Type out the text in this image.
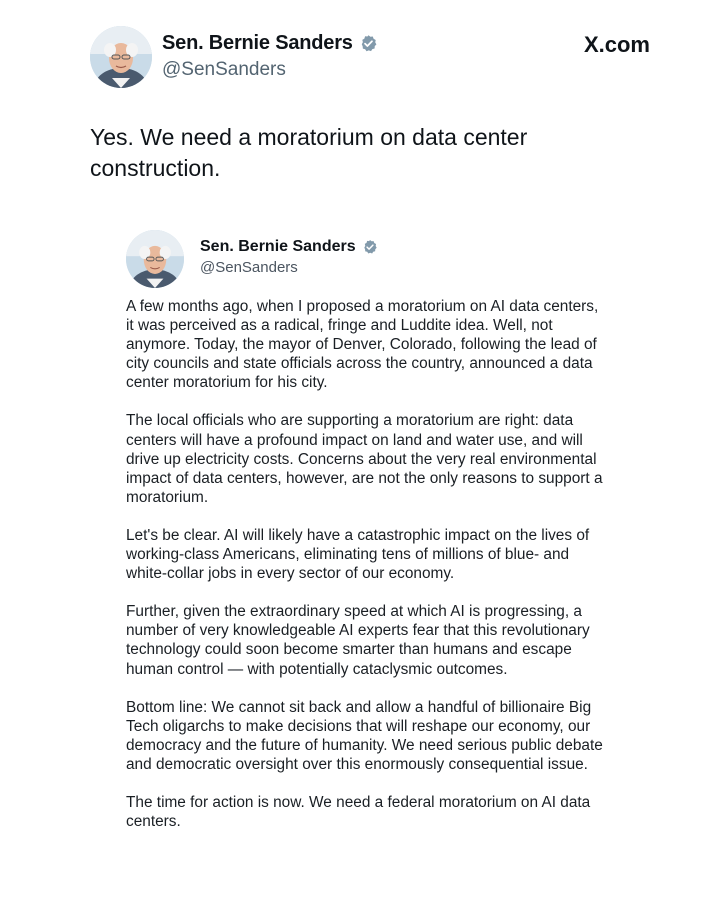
Sen. Bernie Sanders
@SenSanders
X.com
Yes. We need a moratorium on data center construction.
Sen. Bernie Sanders
@SenSanders

A few months ago, when I proposed a moratorium on AI data centers, it was perceived as a radical, fringe and Luddite idea. Well, not anymore. Today, the mayor of Denver, Colorado, following the lead of city councils and state officials across the country, announced a data center moratorium for his city.

The local officials who are supporting a moratorium are right: data centers will have a profound impact on land and water use, and will drive up electricity costs. Concerns about the very real environmental impact of data centers, however, are not the only reasons to support a moratorium.

Let's be clear. AI will likely have a catastrophic impact on the lives of working-class Americans, eliminating tens of millions of blue- and white-collar jobs in every sector of our economy.

Further, given the extraordinary speed at which AI is progressing, a number of very knowledgeable AI experts fear that this revolutionary technology could soon become smarter than humans and escape human control — with potentially cataclysmic outcomes.

Bottom line: We cannot sit back and allow a handful of billionaire Big Tech oligarchs to make decisions that will reshape our economy, our democracy and the future of humanity. We need serious public debate and democratic oversight over this enormously consequential issue.

The time for action is now. We need a federal moratorium on AI data centers.
